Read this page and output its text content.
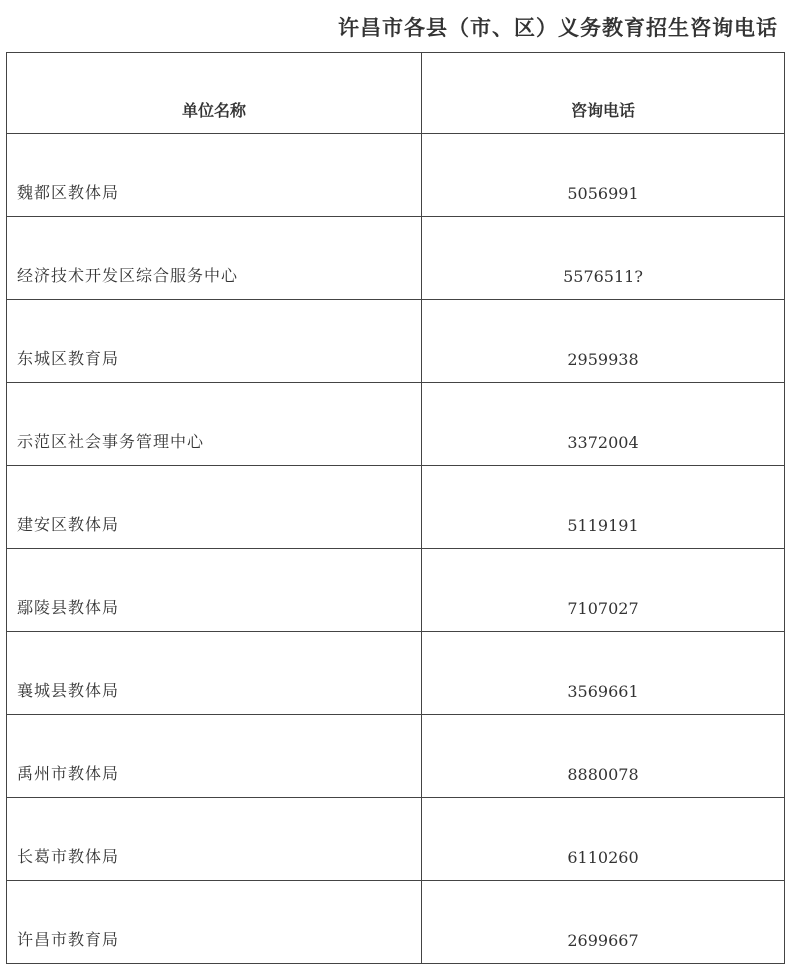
许昌市各县（市、区）义务教育招生咨询电话
单位名称	咨询电话
魏都区教体局	5056991
经济技术开发区综合服务中心	5576511?
东城区教育局	2959938
示范区社会事务管理中心	3372004
建安区教体局	5119191
鄢陵县教体局	7107027
襄城县教体局	3569661
禹州市教体局	8880078
长葛市教体局	6110260
许昌市教育局	2699667
